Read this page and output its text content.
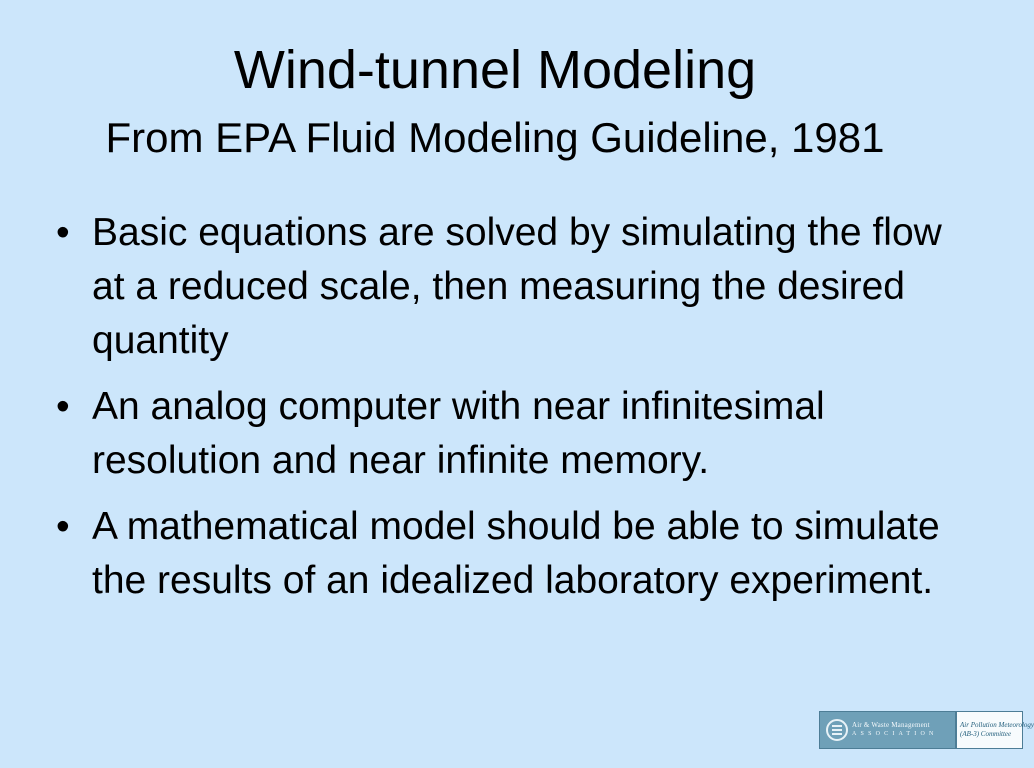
Wind-tunnel Modeling
From EPA Fluid Modeling Guideline, 1981
• Basic equations are solved by simulating the flow at a reduced scale, then measuring the desired quantity
• An analog computer with near infinitesimal resolution and near infinite memory.
• A mathematical model should be able to simulate the results of an idealized laboratory experiment.
Air & Waste Management
ASSOCIATION
Air Pollution Meteorology
(AB-3) Committee
